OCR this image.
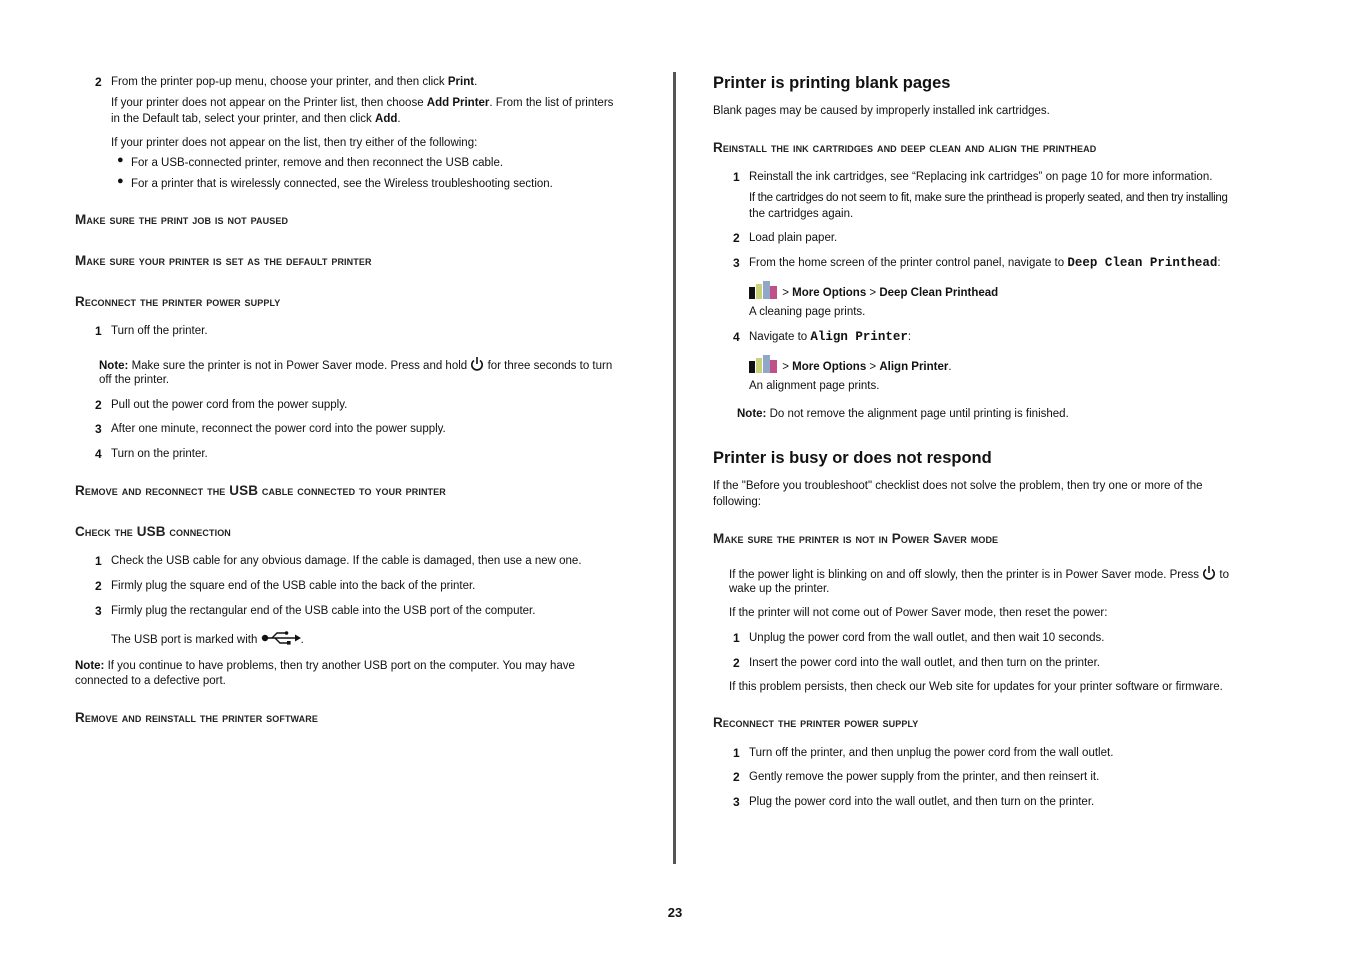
2 From the printer pop-up menu, choose your printer, and then click Print.
If your printer does not appear on the Printer list, then choose Add Printer. From the list of printers
in the Default tab, select your printer, and then click Add.
If your printer does not appear on the list, then try either of the following:
● For a USB-connected printer, remove and then reconnect the USB cable.
● For a printer that is wirelessly connected, see the Wireless troubleshooting section.
Make sure the print job is not paused
Make sure your printer is set as the default printer
Reconnect the printer power supply
1 Turn off the printer.
Note: Make sure the printer is not in Power Saver mode. Press and hold  for three seconds to turn
off the printer.
2 Pull out the power cord from the power supply.
3 After one minute, reconnect the power cord into the power supply.
4 Turn on the printer.
Remove and reconnect the USB cable connected to your printer
Check the USB connection
1 Check the USB cable for any obvious damage. If the cable is damaged, then use a new one.
2 Firmly plug the square end of the USB cable into the back of the printer.
3 Firmly plug the rectangular end of the USB cable into the USB port of the computer.
The USB port is marked with	.
Note: If you continue to have problems, then try another USB port on the computer. You may have
connected to a defective port.
Remove and reinstall the printer software
Printer is printing blank pages
Blank pages may be caused by improperly installed ink cartridges.
Reinstall the ink cartridges and deep clean and align the printhead
1 Reinstall the ink cartridges, see “Replacing ink cartridges” on page 10 for more information.
If the cartridges do not seem to fit, make sure the printhead is properly seated, and then try installing
the cartridges again.
2 Load plain paper.
3 From the home screen of the printer control panel, navigate to Deep Clean Printhead:
> More Options > Deep Clean Printhead
A cleaning page prints.
4 Navigate to Align Printer:
> More Options > Align Printer.
An alignment page prints.
Note: Do not remove the alignment page until printing is finished.
Printer is busy or does not respond
If the "Before you troubleshoot" checklist does not solve the problem, then try one or more of the
following:
Make sure the printer is not in Power Saver mode
If the power light is blinking on and off slowly, then the printer is in Power Saver mode. Press  to
wake up the printer.
If the printer will not come out of Power Saver mode, then reset the power:
1 Unplug the power cord from the wall outlet, and then wait 10 seconds.
2 Insert the power cord into the wall outlet, and then turn on the printer.
If this problem persists, then check our Web site for updates for your printer software or firmware.
Reconnect the printer power supply
1 Turn off the printer, and then unplug the power cord from the wall outlet.
2 Gently remove the power supply from the printer, and then reinsert it.
3 Plug the power cord into the wall outlet, and then turn on the printer.
23
